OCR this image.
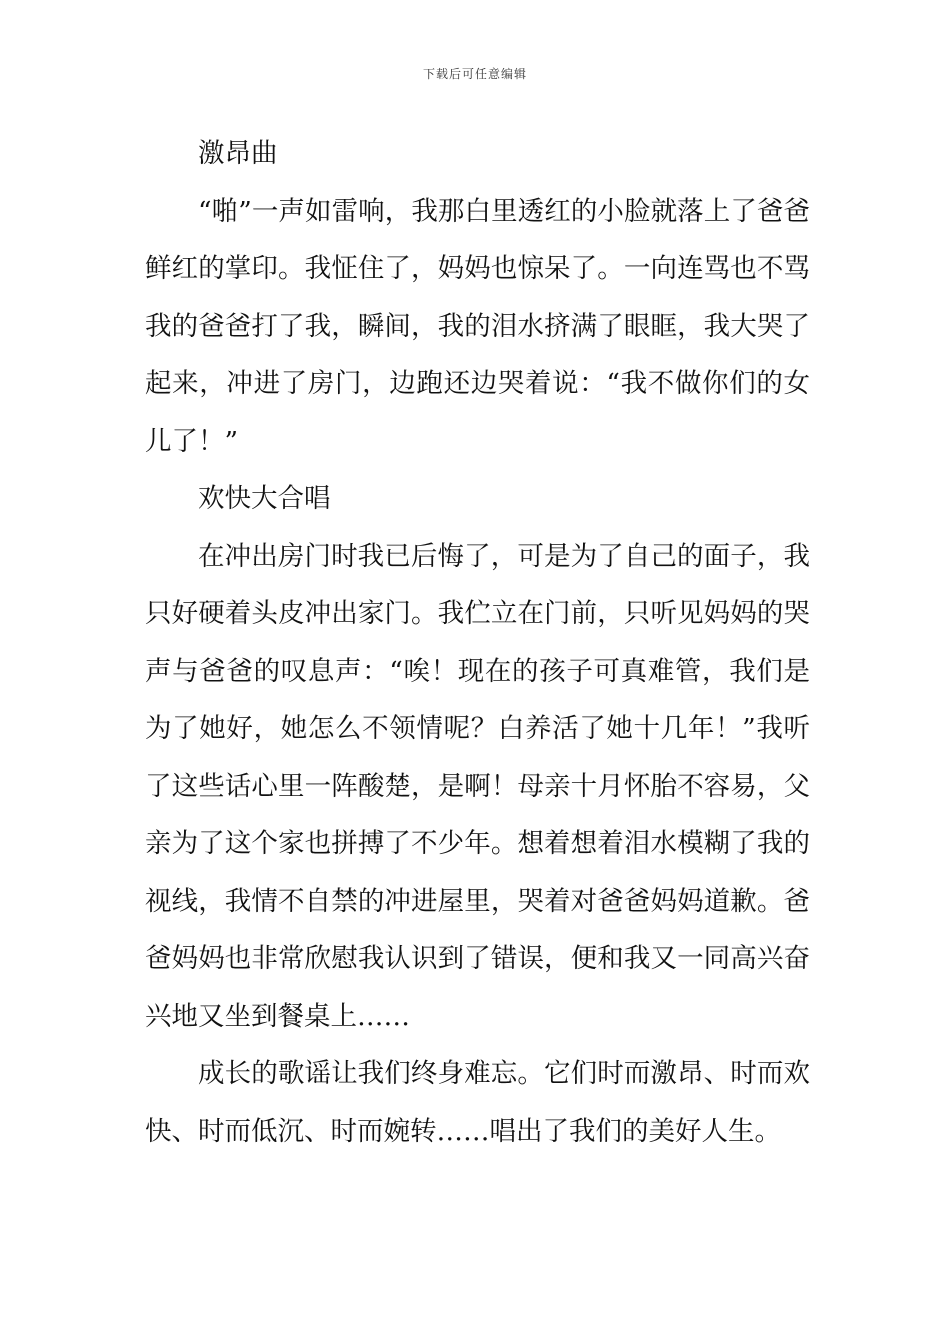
下载后可任意编辑

激昂曲

“啪”一声如雷响，我那白里透红的小脸就落上了爸爸鲜红的掌印。我怔住了，妈妈也惊呆了。一向连骂也不骂我的爸爸打了我，瞬间，我的泪水挤满了眼眶，我大哭了起来，冲进了房门，边跑还边哭着说：“我不做你们的女儿了！”

欢快大合唱

在冲出房门时我已后悔了，可是为了自己的面子，我只好硬着头皮冲出家门。我伫立在门前，只听见妈妈的哭声与爸爸的叹息声：“唉！现在的孩子可真难管，我们是为了她好，她怎么不领情呢？白养活了她十几年！”我听了这些话心里一阵酸楚，是啊！母亲十月怀胎不容易，父亲为了这个家也拼搏了不少年。想着想着泪水模糊了我的视线，我情不自禁的冲进屋里，哭着对爸爸妈妈道歉。爸爸妈妈也非常欣慰我认识到了错误，便和我又一同高兴奋兴地又坐到餐桌上……

成长的歌谣让我们终身难忘。它们时而激昂、时而欢快、时而低沉、时而婉转……唱出了我们的美好人生。
